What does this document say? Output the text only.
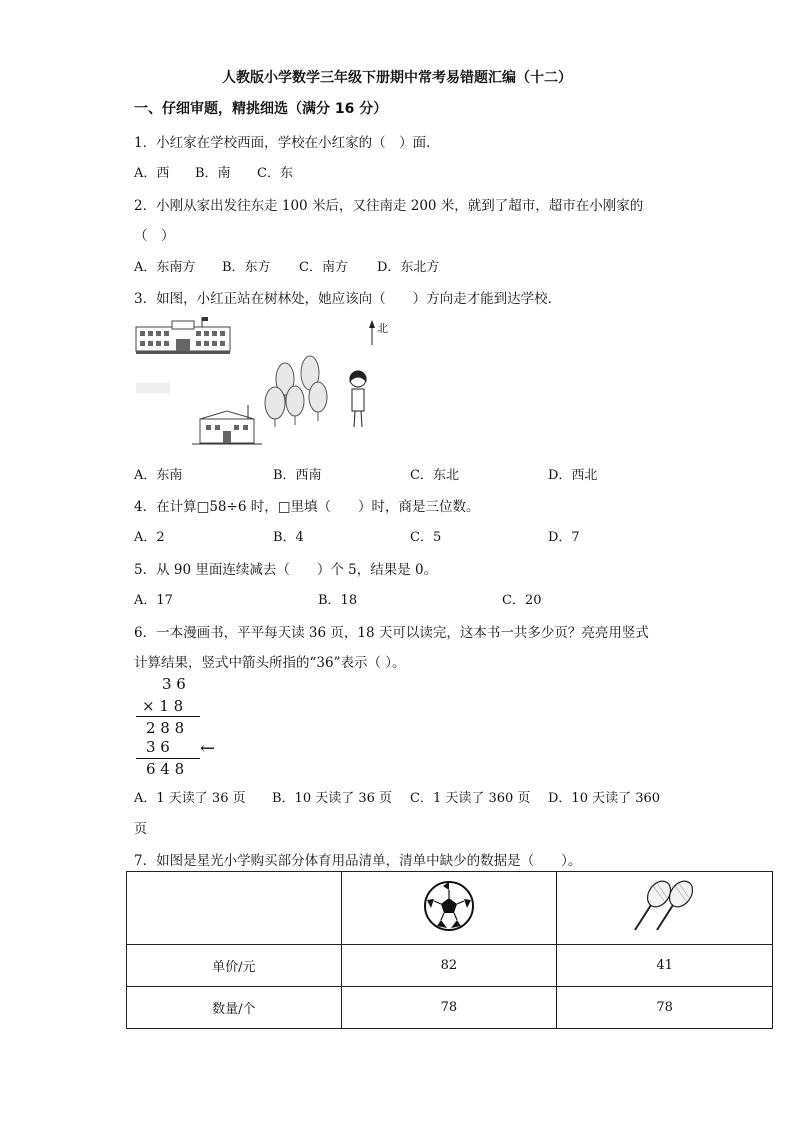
人教版小学数学三年级下册期中常考易错题汇编（十二）
一、仔细审题，精挑细选（满分 16 分）
1．小红家在学校西面，学校在小红家的（　）面．
A．西 B．南 C．东
2．小刚从家出发往东走 100 米后，又往南走 200 米，就到了超市，超市在小刚家的
（　）
A．东南方 B．东方 C．南方 D．东北方
3．如图，小红正站在树林处，她应该向（　　）方向走才能到达学校．
北
A．东南	B．西南	C．东北	D．西北
4．在计算□58÷6 时，□里填（　　）时，商是三位数。
A．2	B．4	C．5	D．7
5．从 90 里面连续减去（　　）个 5，结果是 0。
A．17	B．18	C．20
6．一本漫画书，平平每天读 36 页，18 天可以读完，这本书一共多少页？亮亮用竖式
计算结果，竖式中箭头所指的“36”表示（ ）。
3 6
× 1 8
2 8 8
3 6 ←
6 4 8
A．1 天读了 36 页 B．10 天读了 36 页 C．1 天读了 360 页 D．10 天读了 360
页
7．如图是星光小学购买部分体育用品清单，清单中缺少的数据是（　　）。

单价/元	82	41
数量/个	78	78
